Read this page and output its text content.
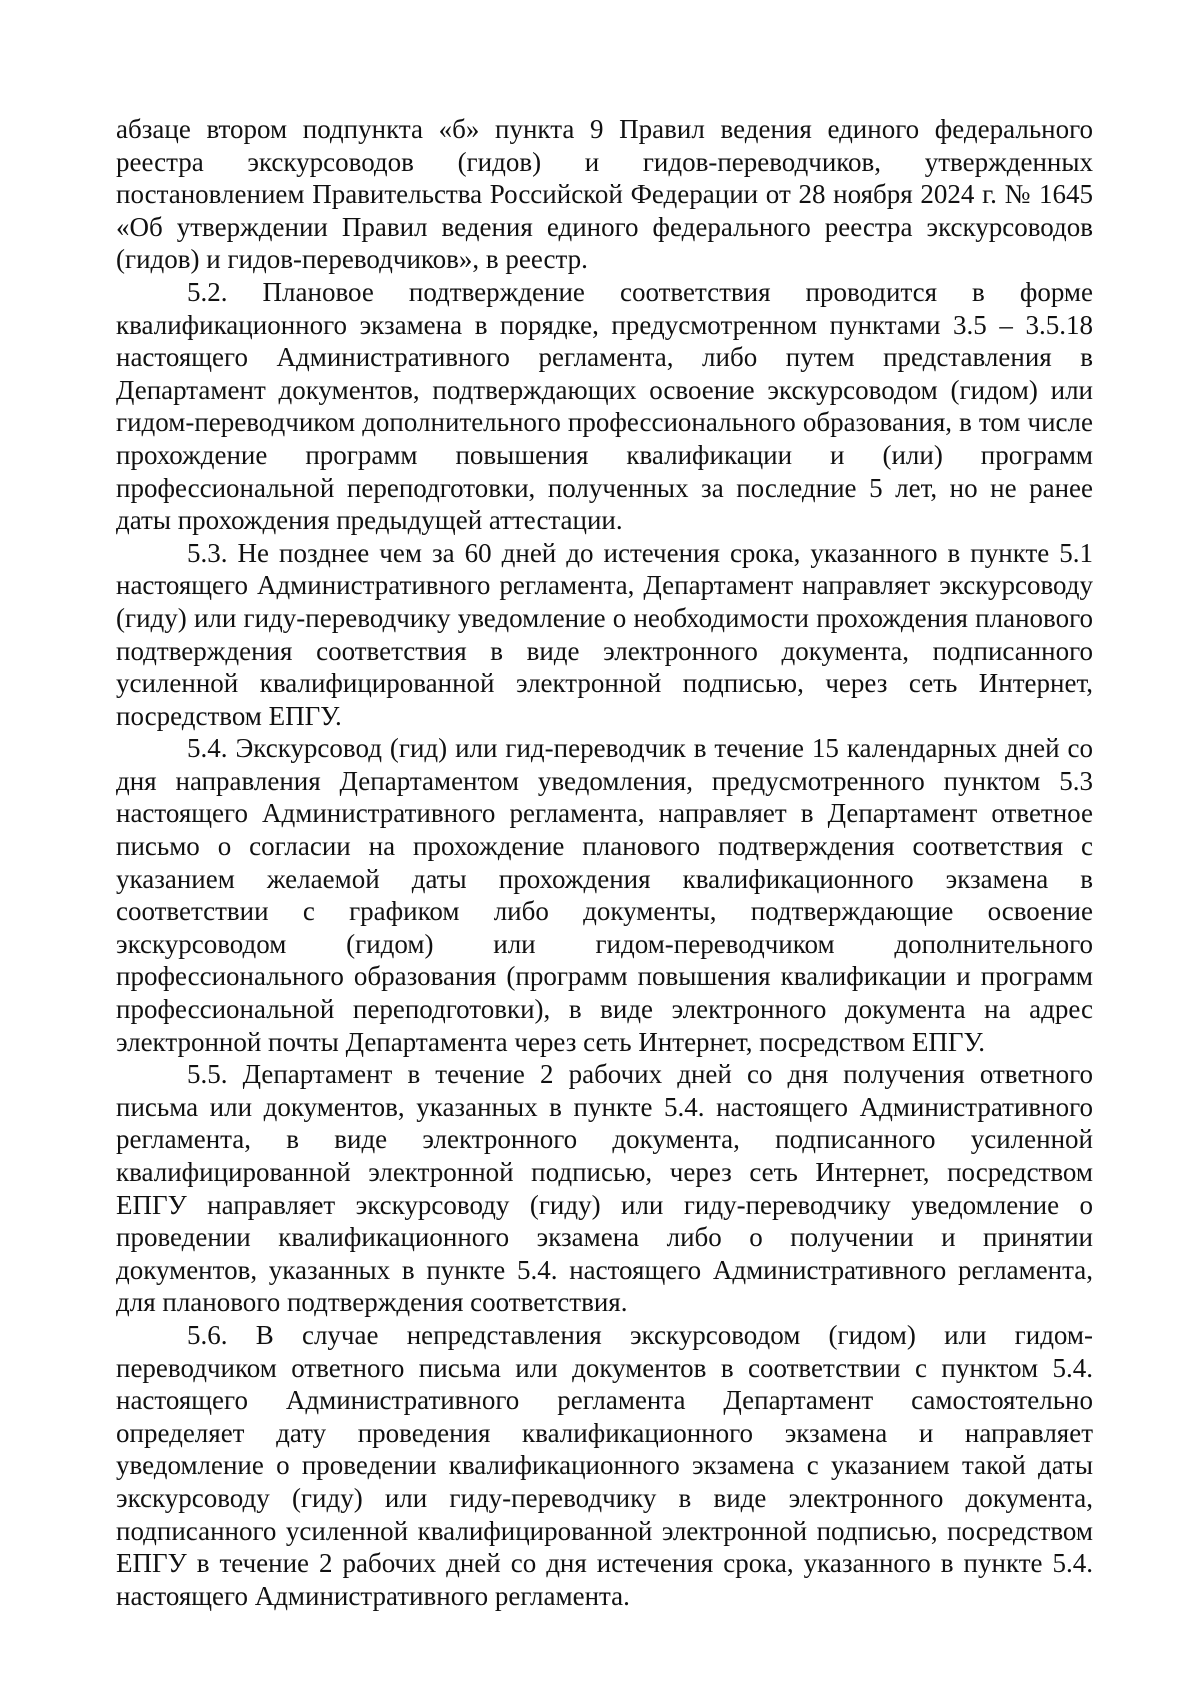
абзаце втором подпункта «б» пункта 9 Правил ведения единого федерального реестра экскурсоводов (гидов) и гидов-переводчиков, утвержденных постановлением Правительства Российской Федерации от 28 ноября 2024 г. № 1645 «Об утверждении Правил ведения единого федерального реестра экскурсоводов (гидов) и гидов-переводчиков», в реестр.

5.2. Плановое подтверждение соответствия проводится в форме квалификационного экзамена в порядке, предусмотренном пунктами 3.5 – 3.5.18 настоящего Административного регламента, либо путем представления в Департамент документов, подтверждающих освоение экскурсоводом (гидом) или гидом-переводчиком дополнительного профессионального образования, в том числе прохождение программ повышения квалификации и (или) программ профессиональной переподготовки, полученных за последние 5 лет, но не ранее даты прохождения предыдущей аттестации.

5.3. Не позднее чем за 60 дней до истечения срока, указанного в пункте 5.1 настоящего Административного регламента, Департамент направляет экскурсоводу (гиду) или гиду-переводчику уведомление о необходимости прохождения планового подтверждения соответствия в виде электронного документа, подписанного усиленной квалифицированной электронной подписью, через сеть Интернет, посредством ЕПГУ.

5.4. Экскурсовод (гид) или гид-переводчик в течение 15 календарных дней со дня направления Департаментом уведомления, предусмотренного пунктом 5.3 настоящего Административного регламента, направляет в Департамент ответное письмо о согласии на прохождение планового подтверждения соответствия с указанием желаемой даты прохождения квалификационного экзамена в соответствии с графиком либо документы, подтверждающие освоение экскурсоводом (гидом) или гидом-переводчиком дополнительного профессионального образования (программ повышения квалификации и программ профессиональной переподготовки), в виде электронного документа на адрес электронной почты Департамента через сеть Интернет, посредством ЕПГУ.

5.5. Департамент в течение 2 рабочих дней со дня получения ответного письма или документов, указанных в пункте 5.4. настоящего Административного регламента, в виде электронного документа, подписанного усиленной квалифицированной электронной подписью, через сеть Интернет, посредством ЕПГУ направляет экскурсоводу (гиду) или гиду-переводчику уведомление о проведении квалификационного экзамена либо о получении и принятии документов, указанных в пункте 5.4. настоящего Административного регламента, для планового подтверждения соответствия.

5.6. В случае непредставления экскурсоводом (гидом) или гидом-переводчиком ответного письма или документов в соответствии с пунктом 5.4. настоящего Административного регламента Департамент самостоятельно определяет дату проведения квалификационного экзамена и направляет уведомление о проведении квалификационного экзамена с указанием такой даты экскурсоводу (гиду) или гиду-переводчику в виде электронного документа, подписанного усиленной квалифицированной электронной подписью, посредством ЕПГУ в течение 2 рабочих дней со дня истечения срока, указанного в пункте 5.4. настоящего Административного регламента.
